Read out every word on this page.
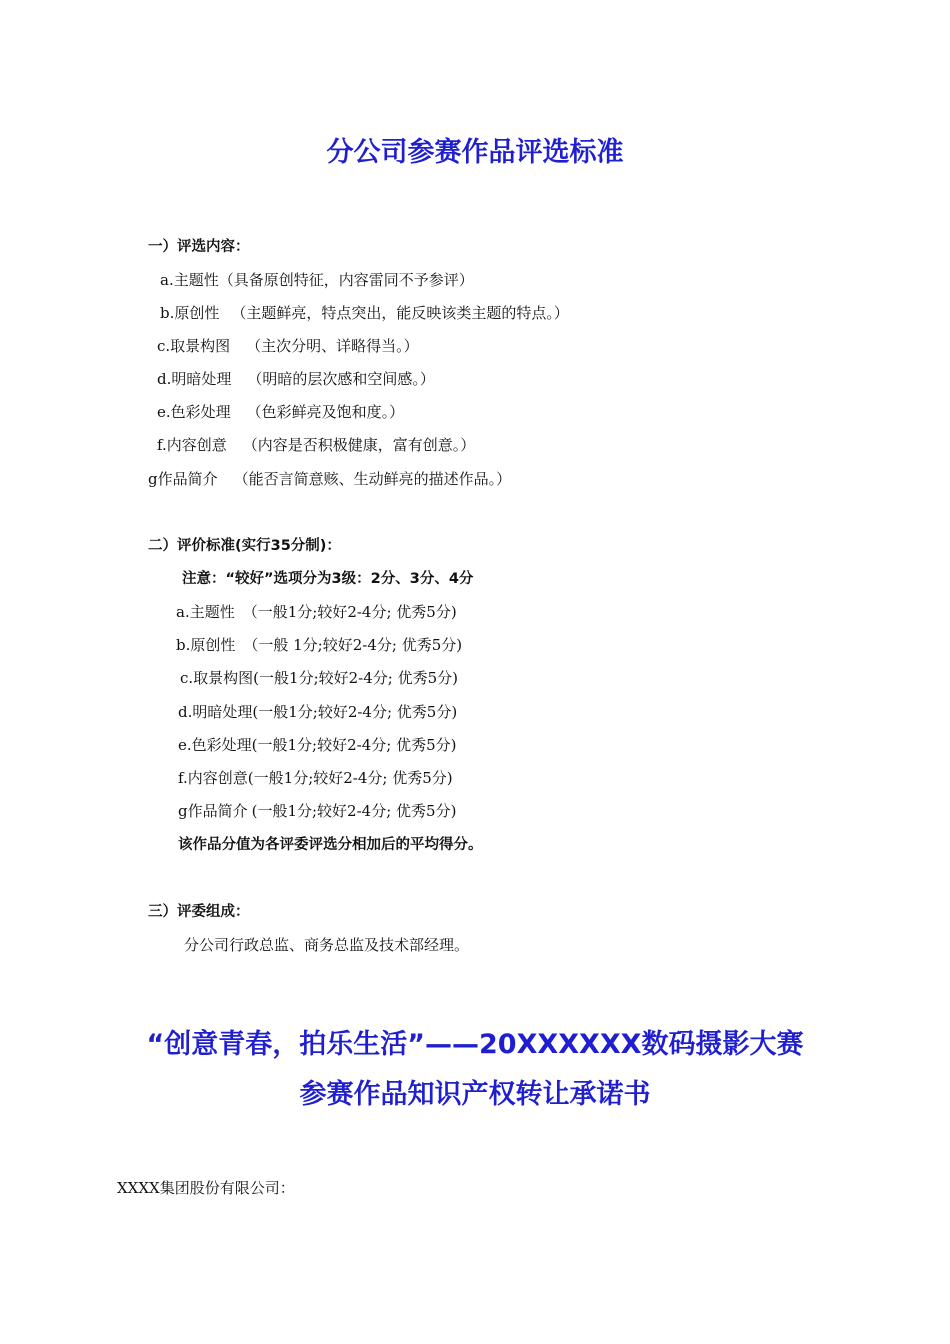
分公司参赛作品评选标准
一）评选内容：
a.主题性（具备原创特征，内容雷同不予参评）
b.原创性 （主题鲜亮，特点突出，能反映该类主题的特点。）
c.取景构图 （主次分明、详略得当。）
d.明暗处理 （明暗的层次感和空间感。）
e.色彩处理 （色彩鲜亮及饱和度。）
f.内容创意 （内容是否积极健康，富有创意。）
g作品简介 （能否言简意赅、生动鲜亮的描述作品。）
二）评价标准(实行35分制)：
注意：“较好”选项分为3级：2分、3分、4分
a.主题性 （一般1分;较好2-4分; 优秀5分)
b.原创性 （一般 1分;较好2-4分; 优秀5分)
c.取景构图(一般1分;较好2-4分; 优秀5分)
d.明暗处理(一般1分;较好2-4分; 优秀5分)
e.色彩处理(一般1分;较好2-4分; 优秀5分)
f.内容创意(一般1分;较好2-4分; 优秀5分)
g作品简介 (一般1分;较好2-4分; 优秀5分)
该作品分值为各评委评选分相加后的平均得分。
三）评委组成：
分公司行政总监、商务总监及技术部经理。
“创意青春，拍乐生活”——20XXXXXX数码摄影大赛
参赛作品知识产权转让承诺书
XXXX集团股份有限公司：
